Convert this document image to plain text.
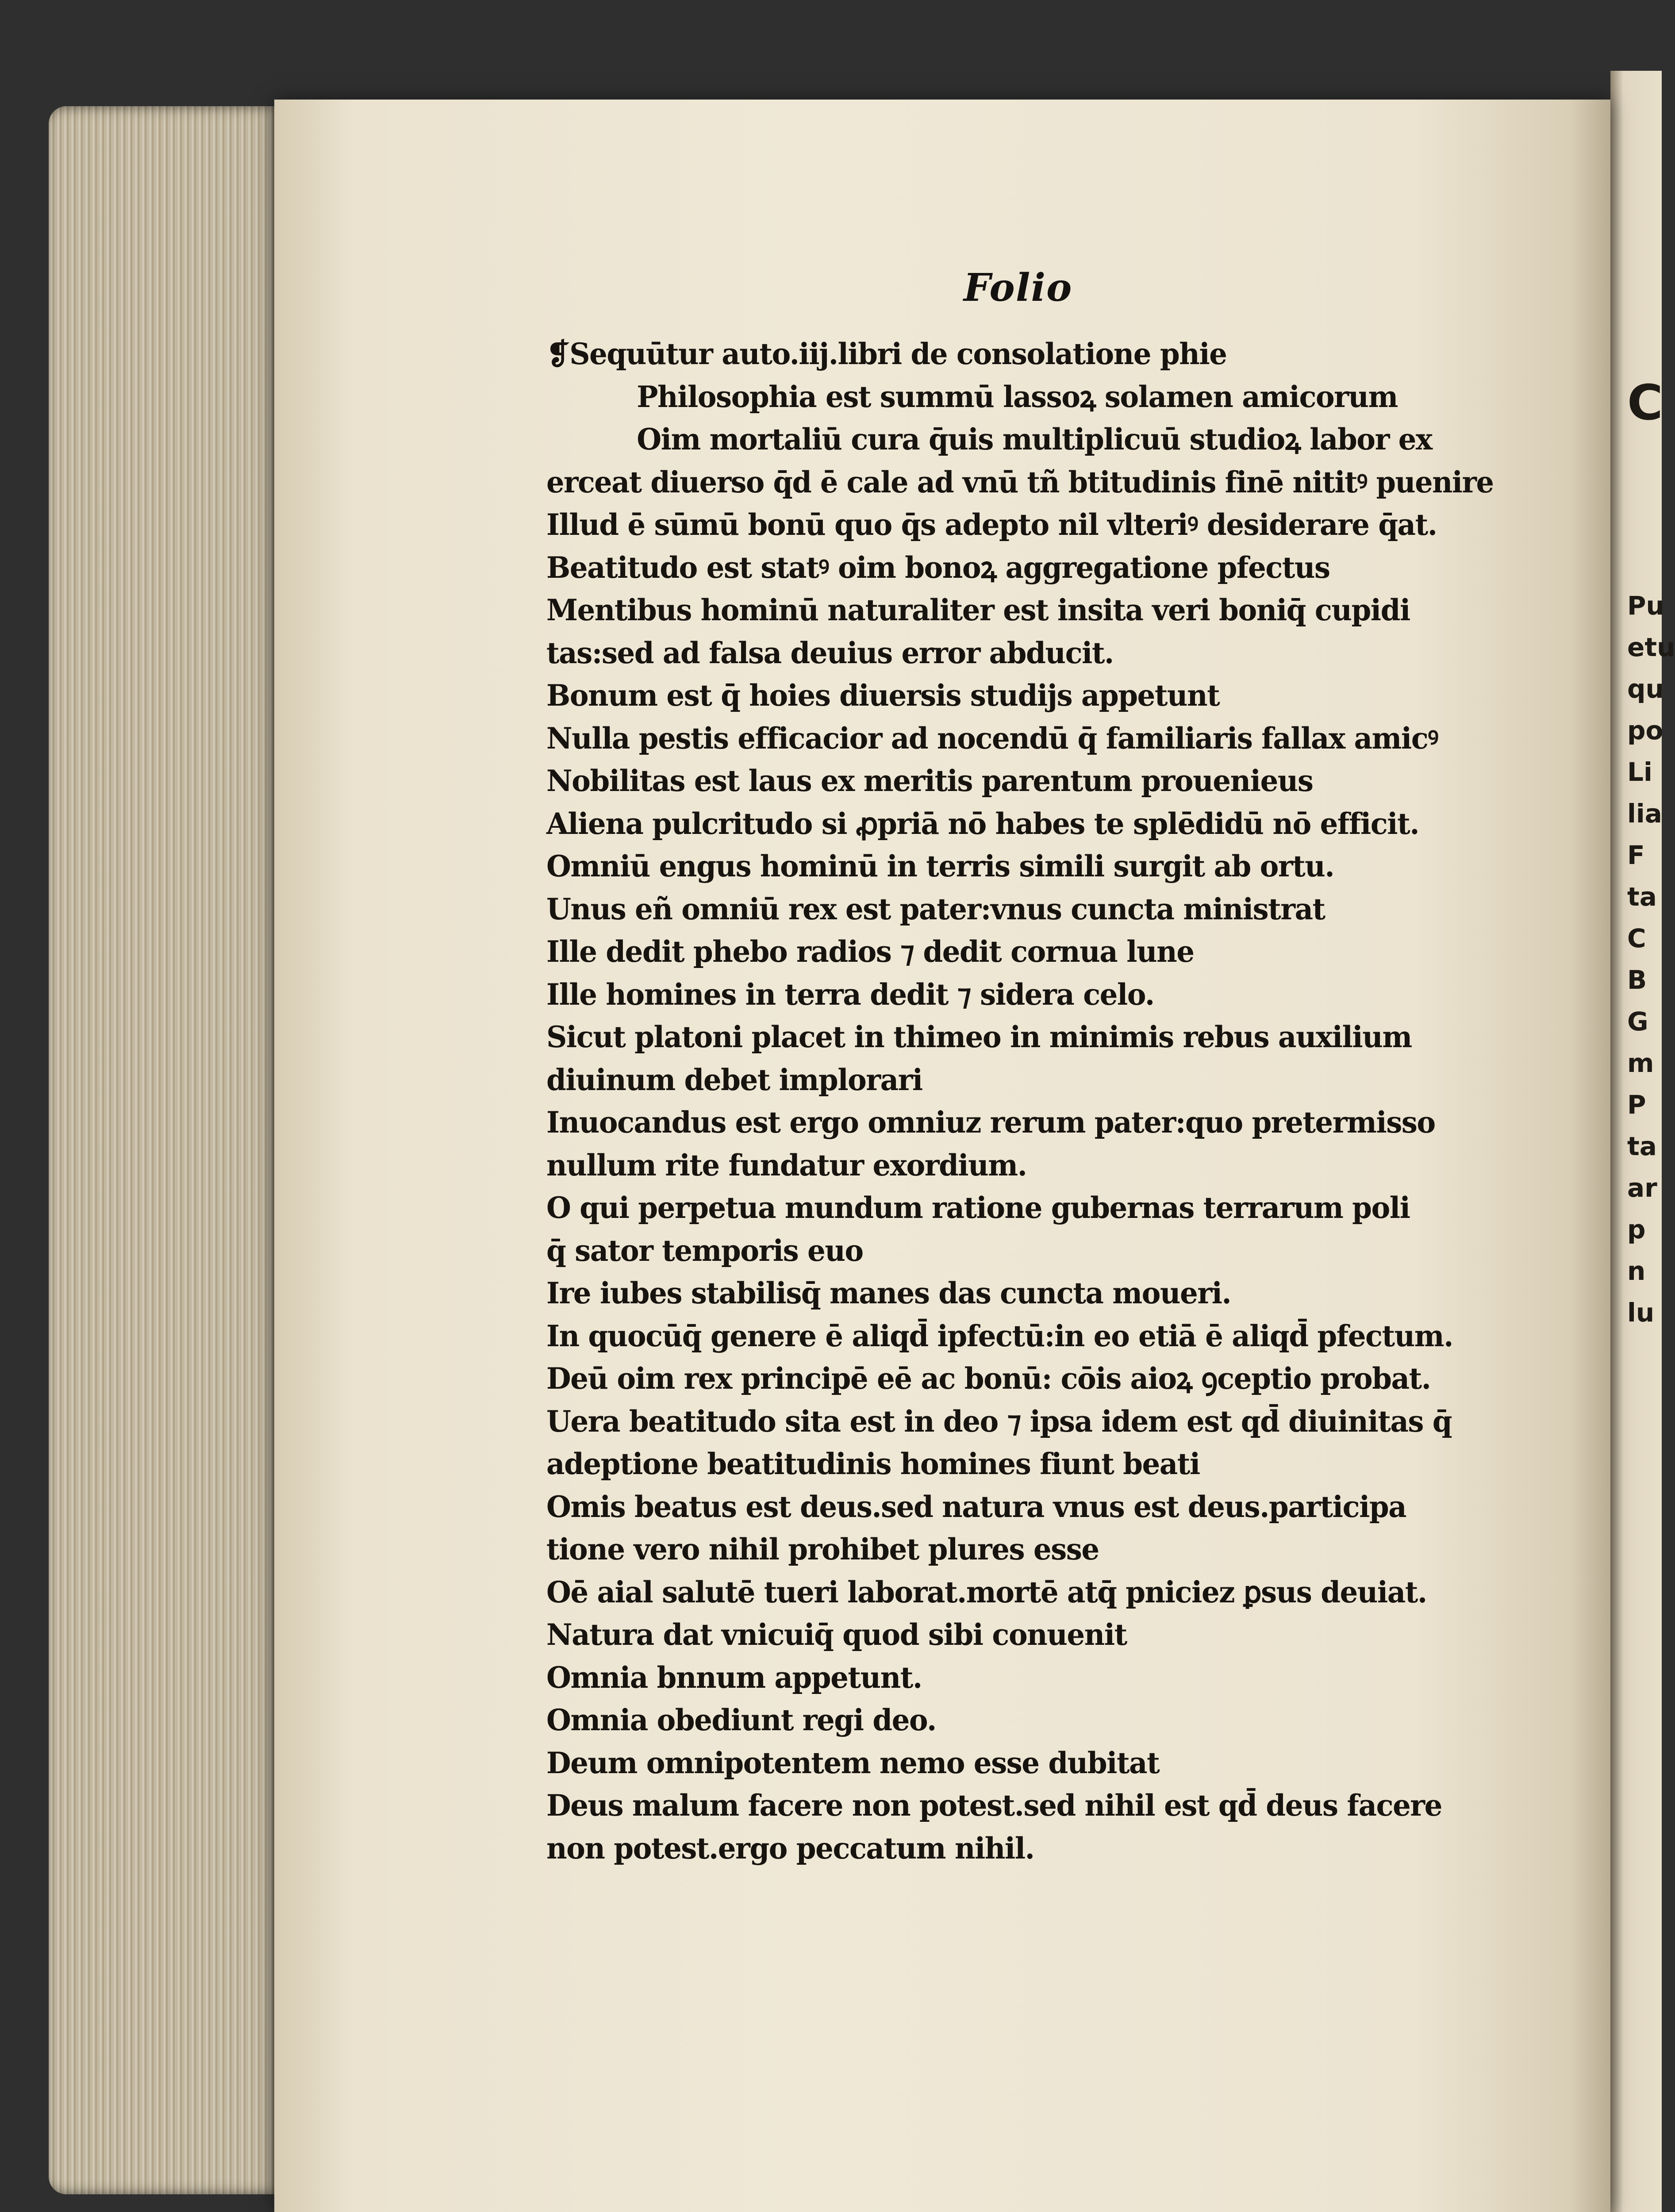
C

Pu
etu
qu
po
Li
lia
F
ta
C
B
G
m
P
ta
ar
p
n
lu

Folio
❡Sequūtur auto.iij.libri de consolatione phie
Philosophia est summū lassoꝝ solamen amicorum
Oim mortaliū cura q̄uis multiplicuū studioꝝ labor ex
erceat diuerso q̄d ē cale ad vnū tñ btitudinis finē nititꝰ puenire
Illud ē sūmū bonū quo q̄s adepto nil vlteriꝰ desiderare q̄at.
Beatitudo est statꝰ oim bonoꝝ aggregatione pfectus
Mentibus hominū naturaliter est insita veri boniq̄ cupidi
tas:sed ad falsa deuius error abducit.
Bonum est q̄ hoies diuersis studijs appetunt
Nulla pestis efficacior ad nocendū q̄ familiaris fallax amicꝰ
Nobilitas est laus ex meritis parentum prouenieus
Aliena pulcritudo si ꝓpriā nō habes te splēdidū nō efficit.
Omniū engus hominū in terris simili surgit ab ortu.
Unus eñ omniū rex est pater:vnus cuncta ministrat
Ille dedit phebo radios ⁊ dedit cornua lune
Ille homines in terra dedit ⁊ sidera celo.
Sicut platoni placet in thimeo in minimis rebus auxilium
diuinum debet implorari
Inuocandus est ergo omniuz rerum pater:quo pretermisso
nullum rite fundatur exordium.
O qui perpetua mundum ratione gubernas terrarum poli
q̄ sator temporis euo
Ire iubes stabilisq̄ manes das cuncta moueri.
In quocūq̄ genere ē aliqd̄ ipfectū:in eo etiā ē aliqd̄ pfectum.
Deū oim rex principē eē ac bonū: cōis aioꝝ ꝯceptio probat.
Uera beatitudo sita est in deo ⁊ ipsa idem est qd̄ diuinitas q̄
adeptione beatitudinis homines fiunt beati
Omis beatus est deus.sed natura vnus est deus.participa
tione vero nihil prohibet plures esse
Oē aial salutē tueri laborat.mortē atq̄ pniciez ꝑsus deuiat.
Natura dat vnicuiq̄ quod sibi conuenit
Omnia bnnum appetunt.
Omnia obediunt regi deo.
Deum omnipotentem nemo esse dubitat
Deus malum facere non potest.sed nihil est qd̄ deus facere
non potest.ergo peccatum nihil.
